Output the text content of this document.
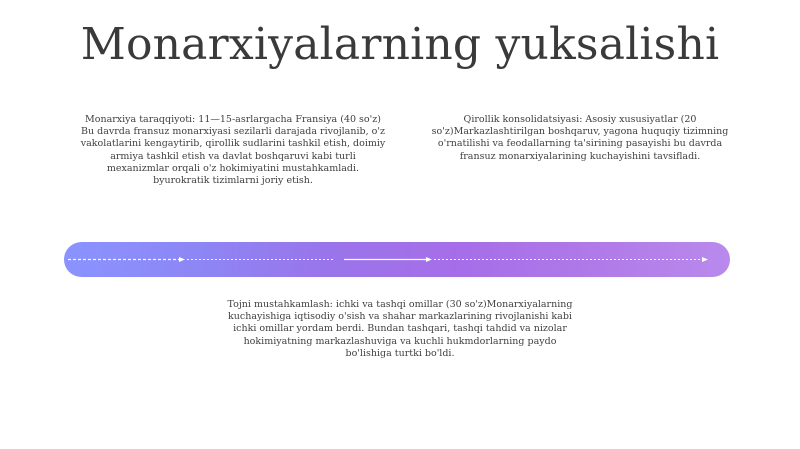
Monarxiyalarning yuksalishi
Monarxiya taraqqiyoti: 11—15-asrlargacha Fransiya (40 so'z) Bu davrda fransuz monarxiyasi sezilarli darajada rivojlanib, o'z vakolatlarini kengaytirib, qirollik sudlarini tashkil etish, doimiy armiya tashkil etish va davlat boshqaruvi kabi turli mexanizmlar orqali o'z hokimiyatini mustahkamladi. byurokratik tizimlarni joriy etish.
Qirollik konsolidatsiyasi: Asosiy xususiyatlar (20 so'z)Markazlashtirilgan boshqaruv, yagona huquqiy tizimning o'rnatilishi va feodallarning ta'sirining pasayishi bu davrda fransuz monarxiyalarining kuchayishini tavsifladi.
Tojni mustahkamlash: ichki va tashqi omillar (30 so'z)Monarxiyalarning kuchayishiga iqtisodiy o'sish va shahar markazlarining rivojlanishi kabi ichki omillar yordam berdi. Bundan tashqari, tashqi tahdid va nizolar hokimiyatning markazlashuviga va kuchli hukmdorlarning paydo bo'lishiga turtki bo'ldi.
